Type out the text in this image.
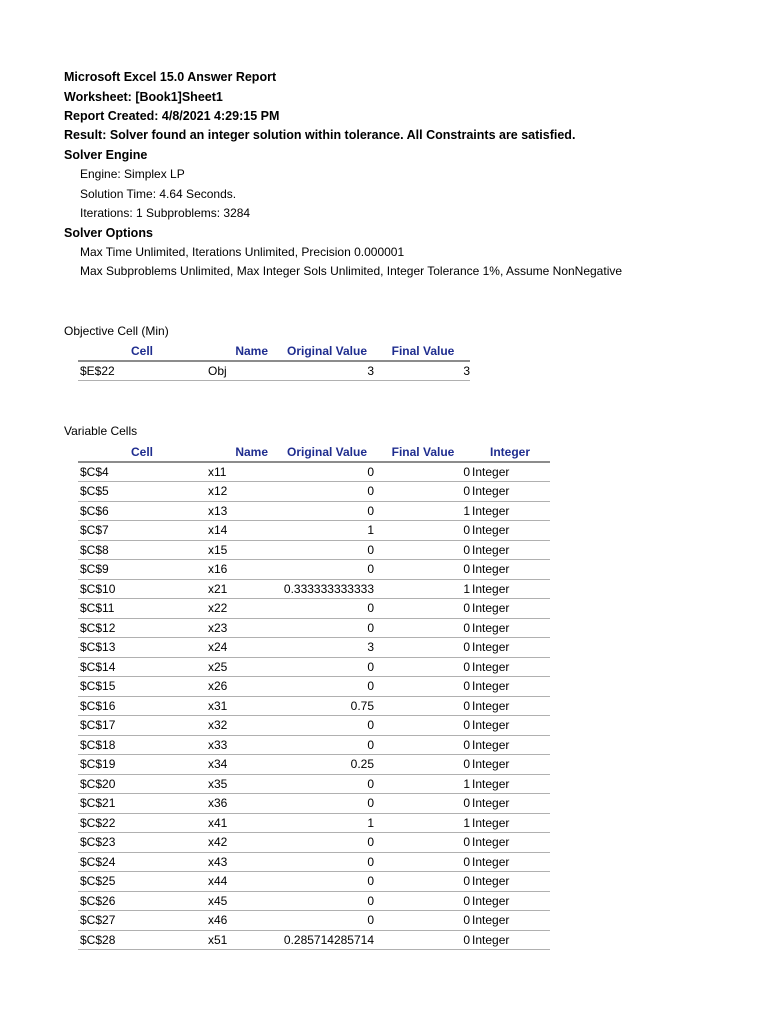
Microsoft Excel 15.0 Answer Report
Worksheet: [Book1]Sheet1
Report Created: 4/8/2021 4:29:15 PM
Result: Solver found an integer solution within tolerance. All Constraints are satisfied.
Solver Engine
Engine: Simplex LP
Solution Time: 4.64 Seconds.
Iterations: 1 Subproblems: 3284
Solver Options
Max Time Unlimited, Iterations Unlimited, Precision 0.000001
Max Subproblems Unlimited, Max Integer Sols Unlimited, Integer Tolerance 1%, Assume NonNegative
Objective Cell (Min)
Cell	Name	Original Value	Final Value
$E$22	Obj	3	3
Variable Cells
Cell	Name	Original Value	Final Value	Integer
$C$4	x11	0	0	Integer
$C$5	x12	0	0	Integer
$C$6	x13	0	1	Integer
$C$7	x14	1	0	Integer
$C$8	x15	0	0	Integer
$C$9	x16	0	0	Integer
$C$10	x21	0.333333333333	1	Integer
$C$11	x22	0	0	Integer
$C$12	x23	0	0	Integer
$C$13	x24	3	0	Integer
$C$14	x25	0	0	Integer
$C$15	x26	0	0	Integer
$C$16	x31	0.75	0	Integer
$C$17	x32	0	0	Integer
$C$18	x33	0	0	Integer
$C$19	x34	0.25	0	Integer
$C$20	x35	0	1	Integer
$C$21	x36	0	0	Integer
$C$22	x41	1	1	Integer
$C$23	x42	0	0	Integer
$C$24	x43	0	0	Integer
$C$25	x44	0	0	Integer
$C$26	x45	0	0	Integer
$C$27	x46	0	0	Integer
$C$28	x51	0.285714285714	0	Integer
